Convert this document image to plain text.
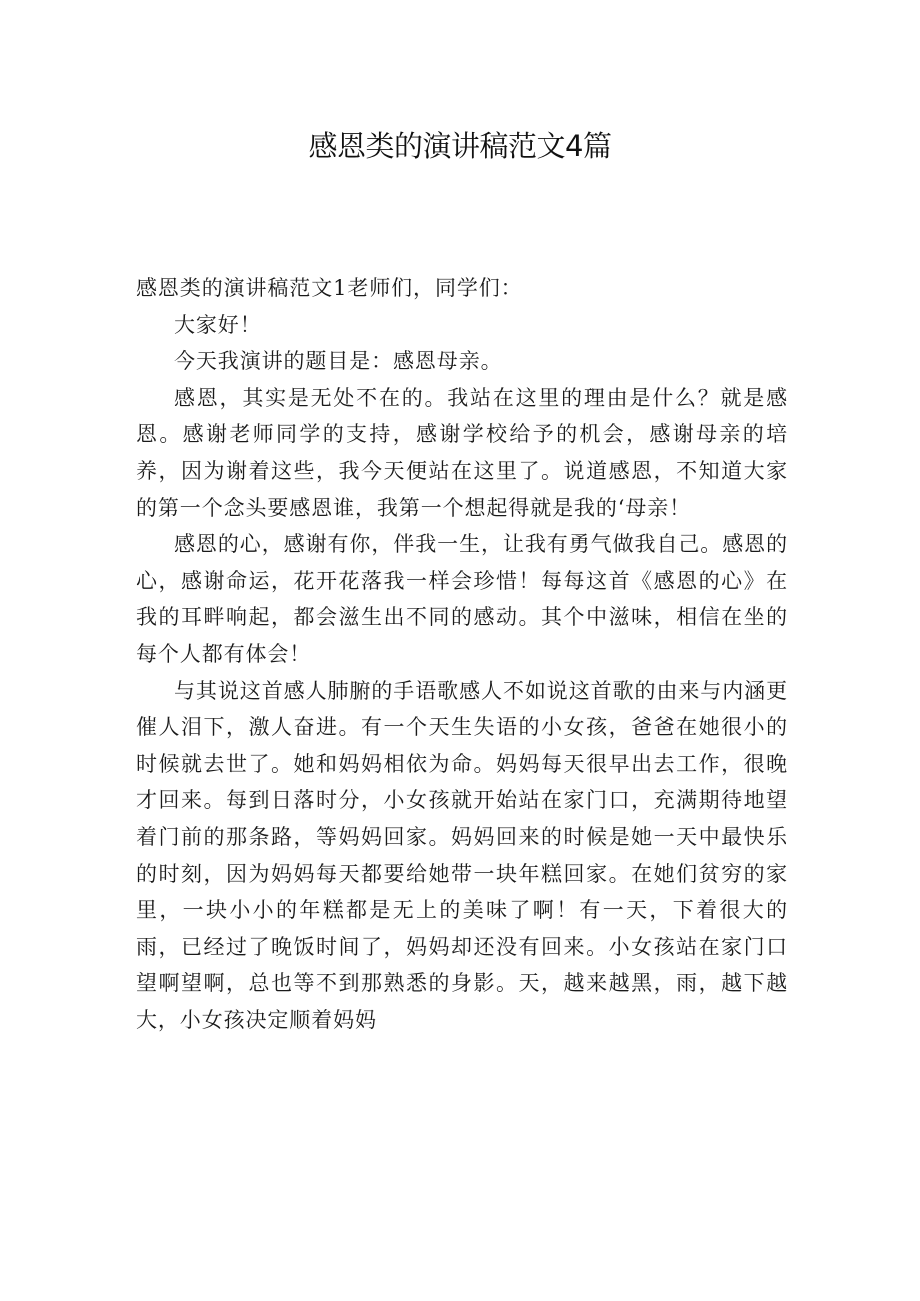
感恩类的演讲稿范文4篇

感恩类的演讲稿范文1老师们，同学们：

大家好！

今天我演讲的题目是：感恩母亲。

感恩，其实是无处不在的。我站在这里的理由是什么？就是感恩。感谢老师同学的支持，感谢学校给予的机会，感谢母亲的培养，因为谢着这些，我今天便站在这里了。说道感恩，不知道大家的第一个念头要感恩谁，我第一个想起得就是我的‘母亲！

感恩的心，感谢有你，伴我一生，让我有勇气做我自己。感恩的心，感谢命运，花开花落我一样会珍惜！每每这首《感恩的心》在我的耳畔响起，都会滋生出不同的感动。其个中滋味，相信在坐的每个人都有体会！

与其说这首感人肺腑的手语歌感人不如说这首歌的由来与内涵更催人泪下，激人奋进。有一个天生失语的小女孩，爸爸在她很小的时候就去世了。她和妈妈相依为命。妈妈每天很早出去工作，很晚才回来。每到日落时分，小女孩就开始站在家门口，充满期待地望着门前的那条路，等妈妈回家。妈妈回来的时候是她一天中最快乐的时刻，因为妈妈每天都要给她带一块年糕回家。在她们贫穷的家里，一块小小的年糕都是无上的美味了啊！有一天，下着很大的雨，已经过了晚饭时间了，妈妈却还没有回来。小女孩站在家门口望啊望啊，总也等不到那熟悉的身影。天，越来越黑，雨，越下越大，小女孩决定顺着妈妈
